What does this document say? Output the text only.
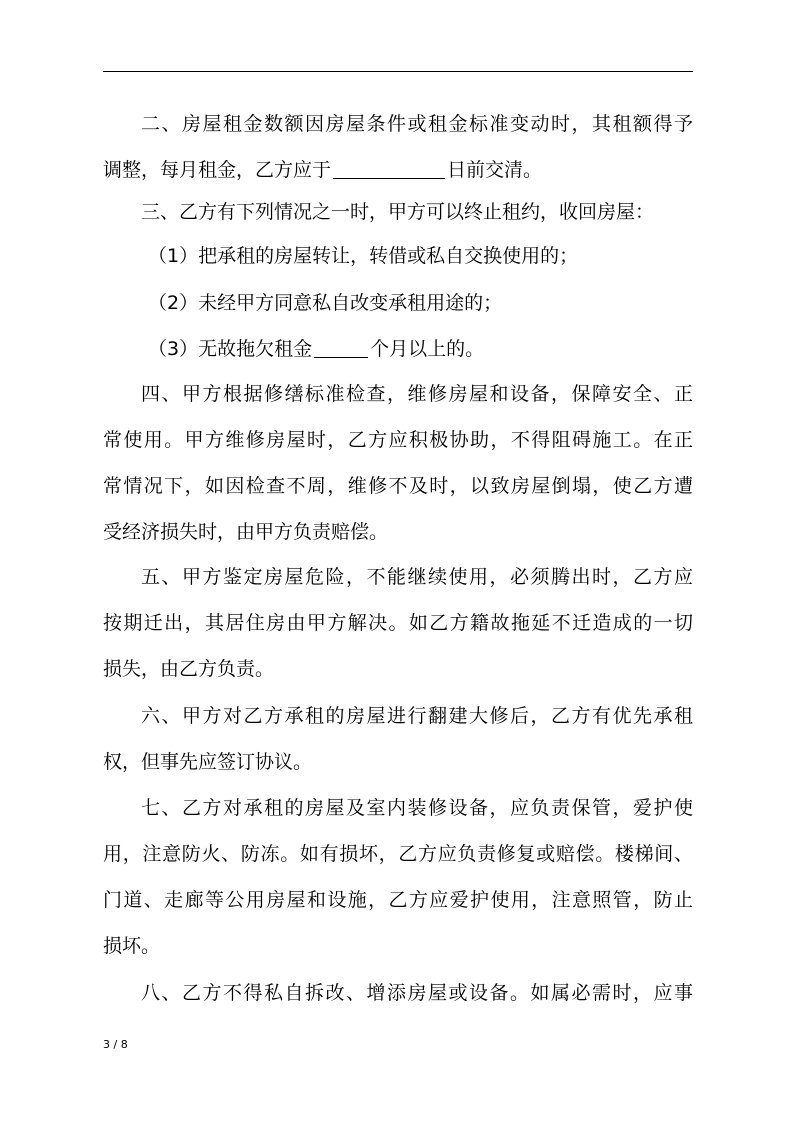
二、房屋租金数额因房屋条件或租金标准变动时，其租额得予
调整，每月租金，乙方应于	日前交清。
三、乙方有下列情况之一时，甲方可以终止租约，收回房屋：
（1）把承租的房屋转让，转借或私自交换使用的；
（2）未经甲方同意私自改变承租用途的；
（3）无故拖欠租金	个月以上的。
四、甲方根据修缮标准检查，维修房屋和设备，保障安全、正
常使用。甲方维修房屋时，乙方应积极协助，不得阻碍施工。在正
常情况下，如因检查不周，维修不及时，以致房屋倒塌，使乙方遭
受经济损失时，由甲方负责赔偿。
五、甲方鉴定房屋危险，不能继续使用，必须腾出时，乙方应
按期迁出，其居住房由甲方解决。如乙方籍故拖延不迁造成的一切
损失，由乙方负责。
六、甲方对乙方承租的房屋进行翻建大修后，乙方有优先承租
权，但事先应签订协议。
七、乙方对承租的房屋及室内装修设备，应负责保管，爱护使
用，注意防火、防冻。如有损坏，乙方应负责修复或赔偿。楼梯间、
门道、走廊等公用房屋和设施，乙方应爱护使用，注意照管，防止
损坏。
八、乙方不得私自拆改、增添房屋或设备。如属必需时，应事
3 / 8
